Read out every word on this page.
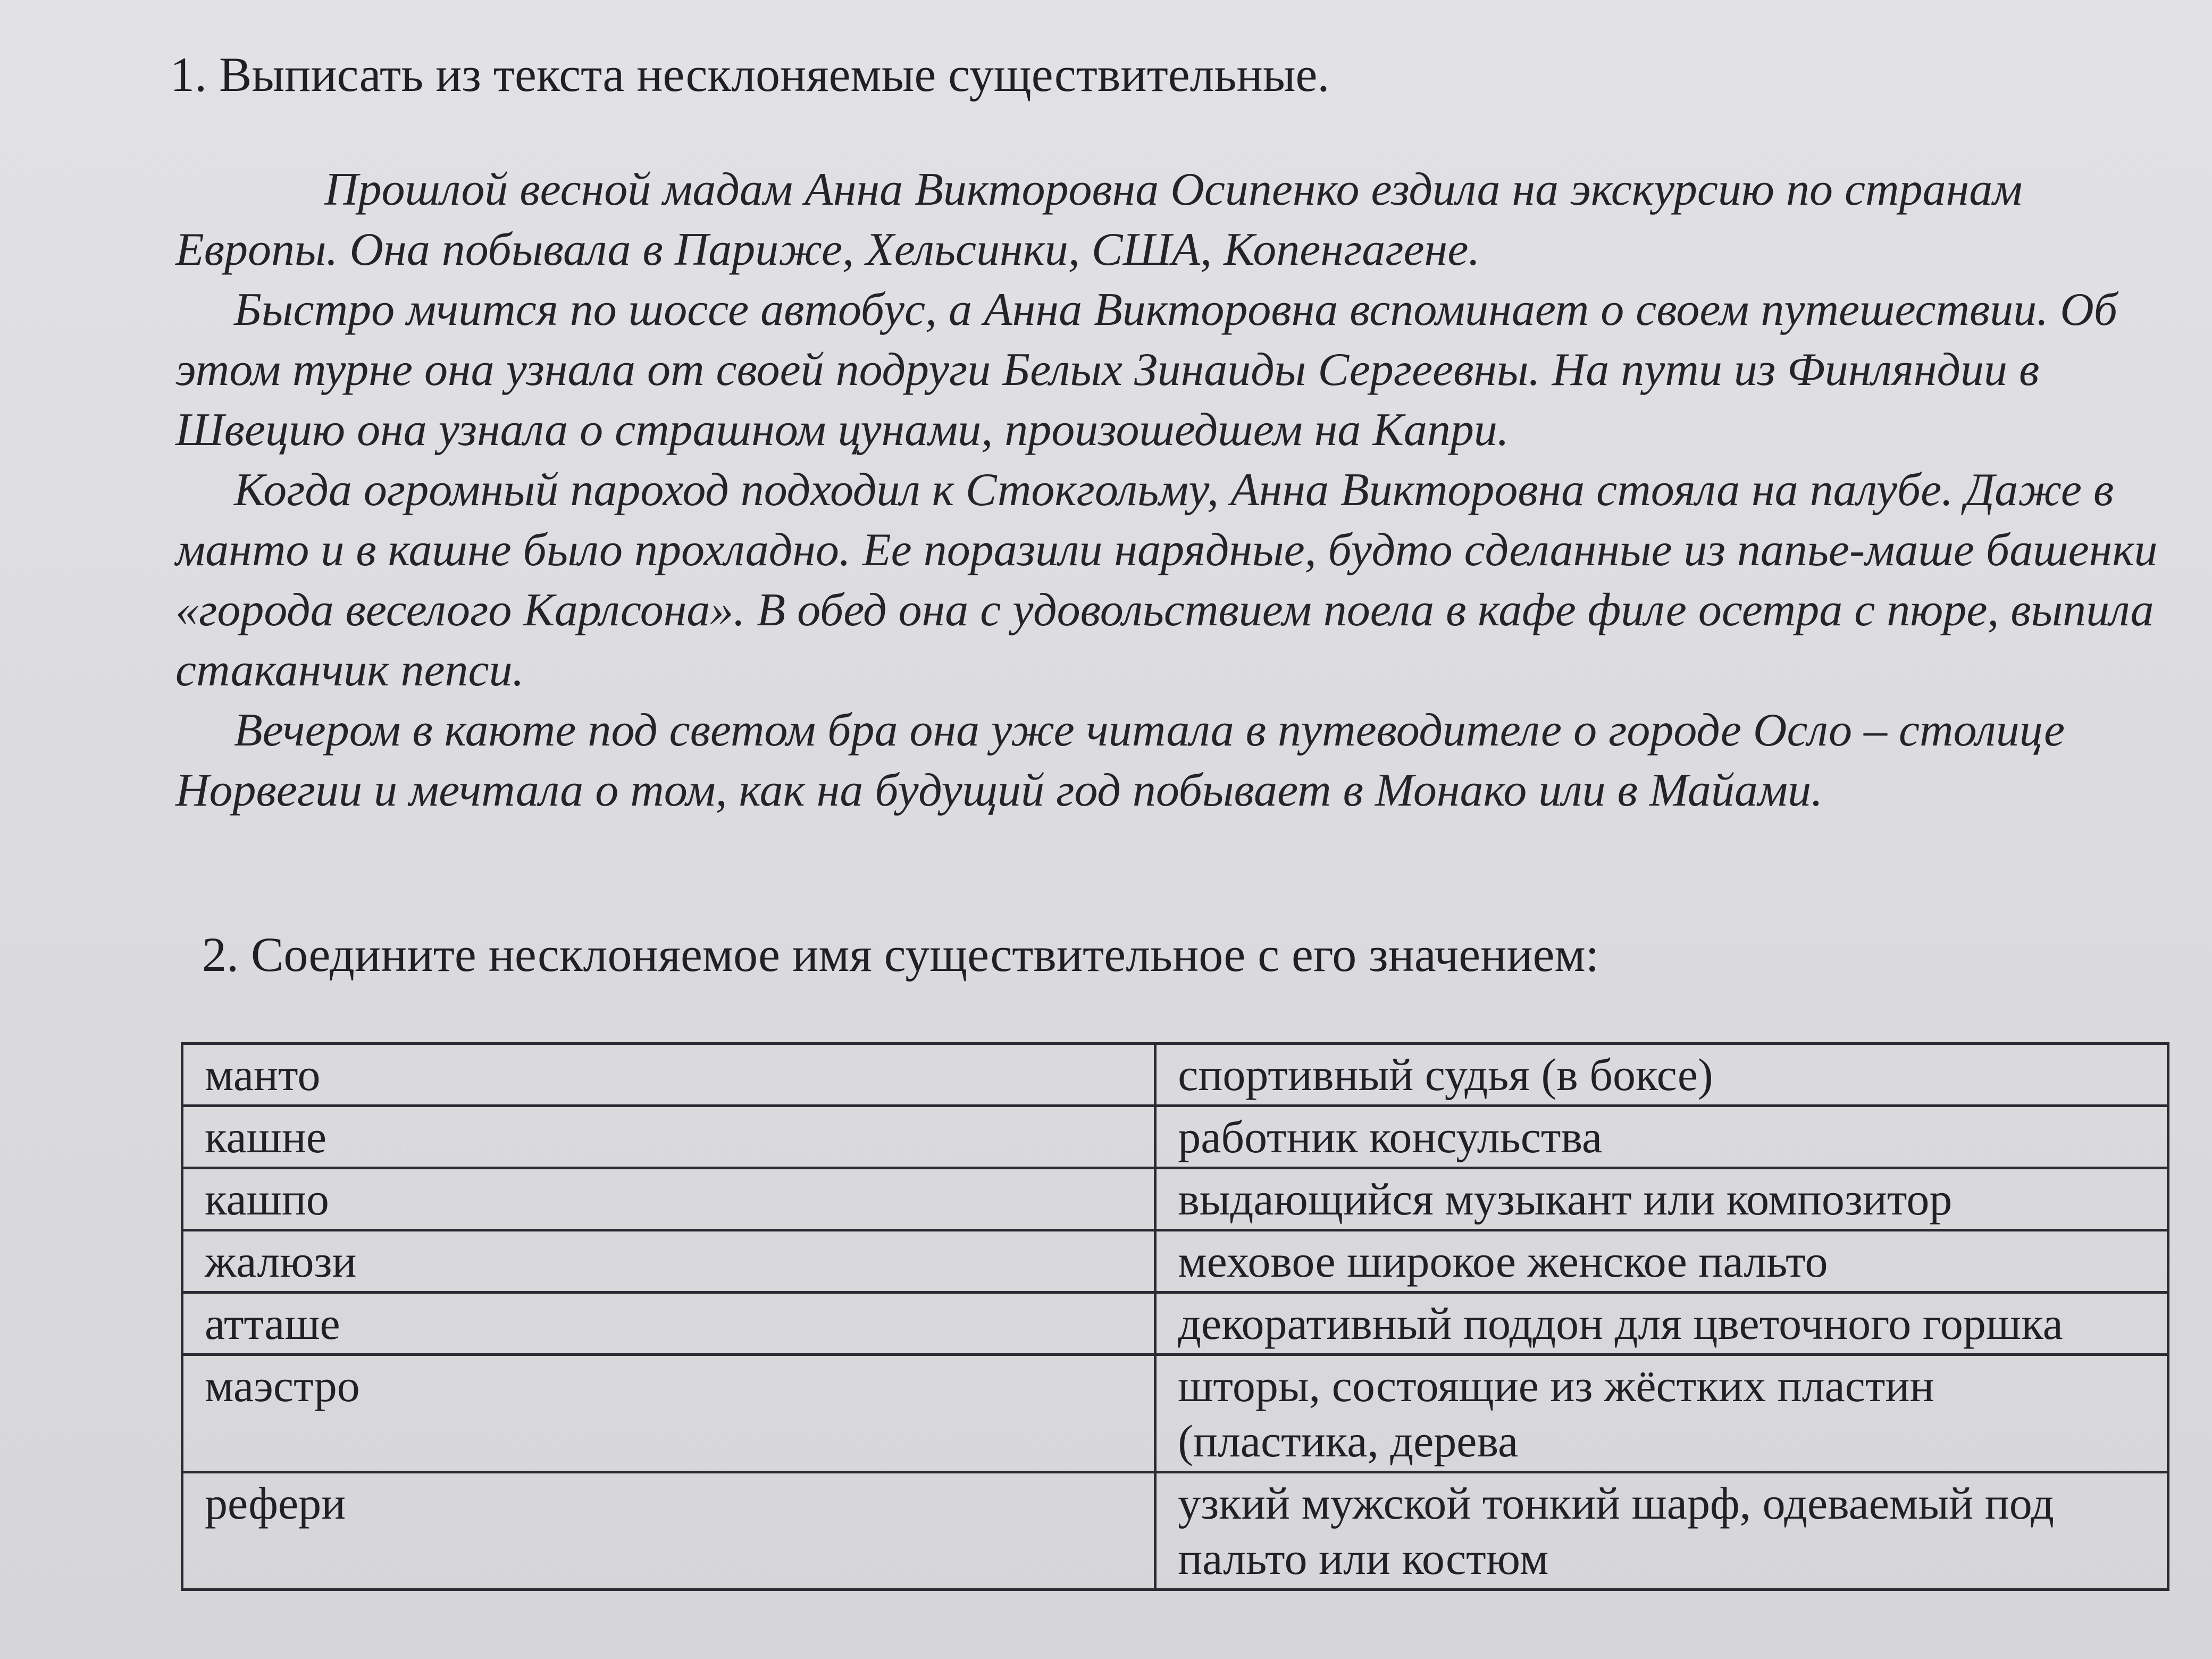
1. Выписать из текста несклоняемые существительные.

Прошлой весной мадам Анна Викторовна Осипенко ездила на экскурсию по странам Европы. Она побывала в Париже, Хельсинки, США, Копенгагене.

Быстро мчится по шоссе автобус, а Анна Викторовна вспоминает о своем путешествии. Об этом турне она узнала от своей подруги Белых Зинаиды Сергеевны. На пути из Финляндии в Швецию она узнала о страшном цунами, произошедшем на Капри.

Когда огромный пароход подходил к Стокгольму, Анна Викторовна стояла на палубе. Даже в манто и в кашне было прохладно. Ее поразили нарядные, будто сделанные из папье-маше башенки «города веселого Карлсона». В обед она с удовольствием поела в кафе филе осетра с пюре, выпила стаканчик пепси.

Вечером в каюте под светом бра она уже читала в путеводителе о городе Осло – столице Норвегии и мечтала о том, как на будущий год побывает в Монако или в Майами.

2. Соедините несклоняемое имя существительное с его значением:
манто	спортивный судья (в боксе)
кашне	работник консульства
кашпо	выдающийся музыкант или композитор
жалюзи	меховое широкое женское пальто
атташе	декоративный поддон для цветочного горшка
маэстро	шторы, состоящие из жёстких пластин (пластика, дерева
рефери	узкий мужской тонкий шарф, одеваемый под пальто или костюм
